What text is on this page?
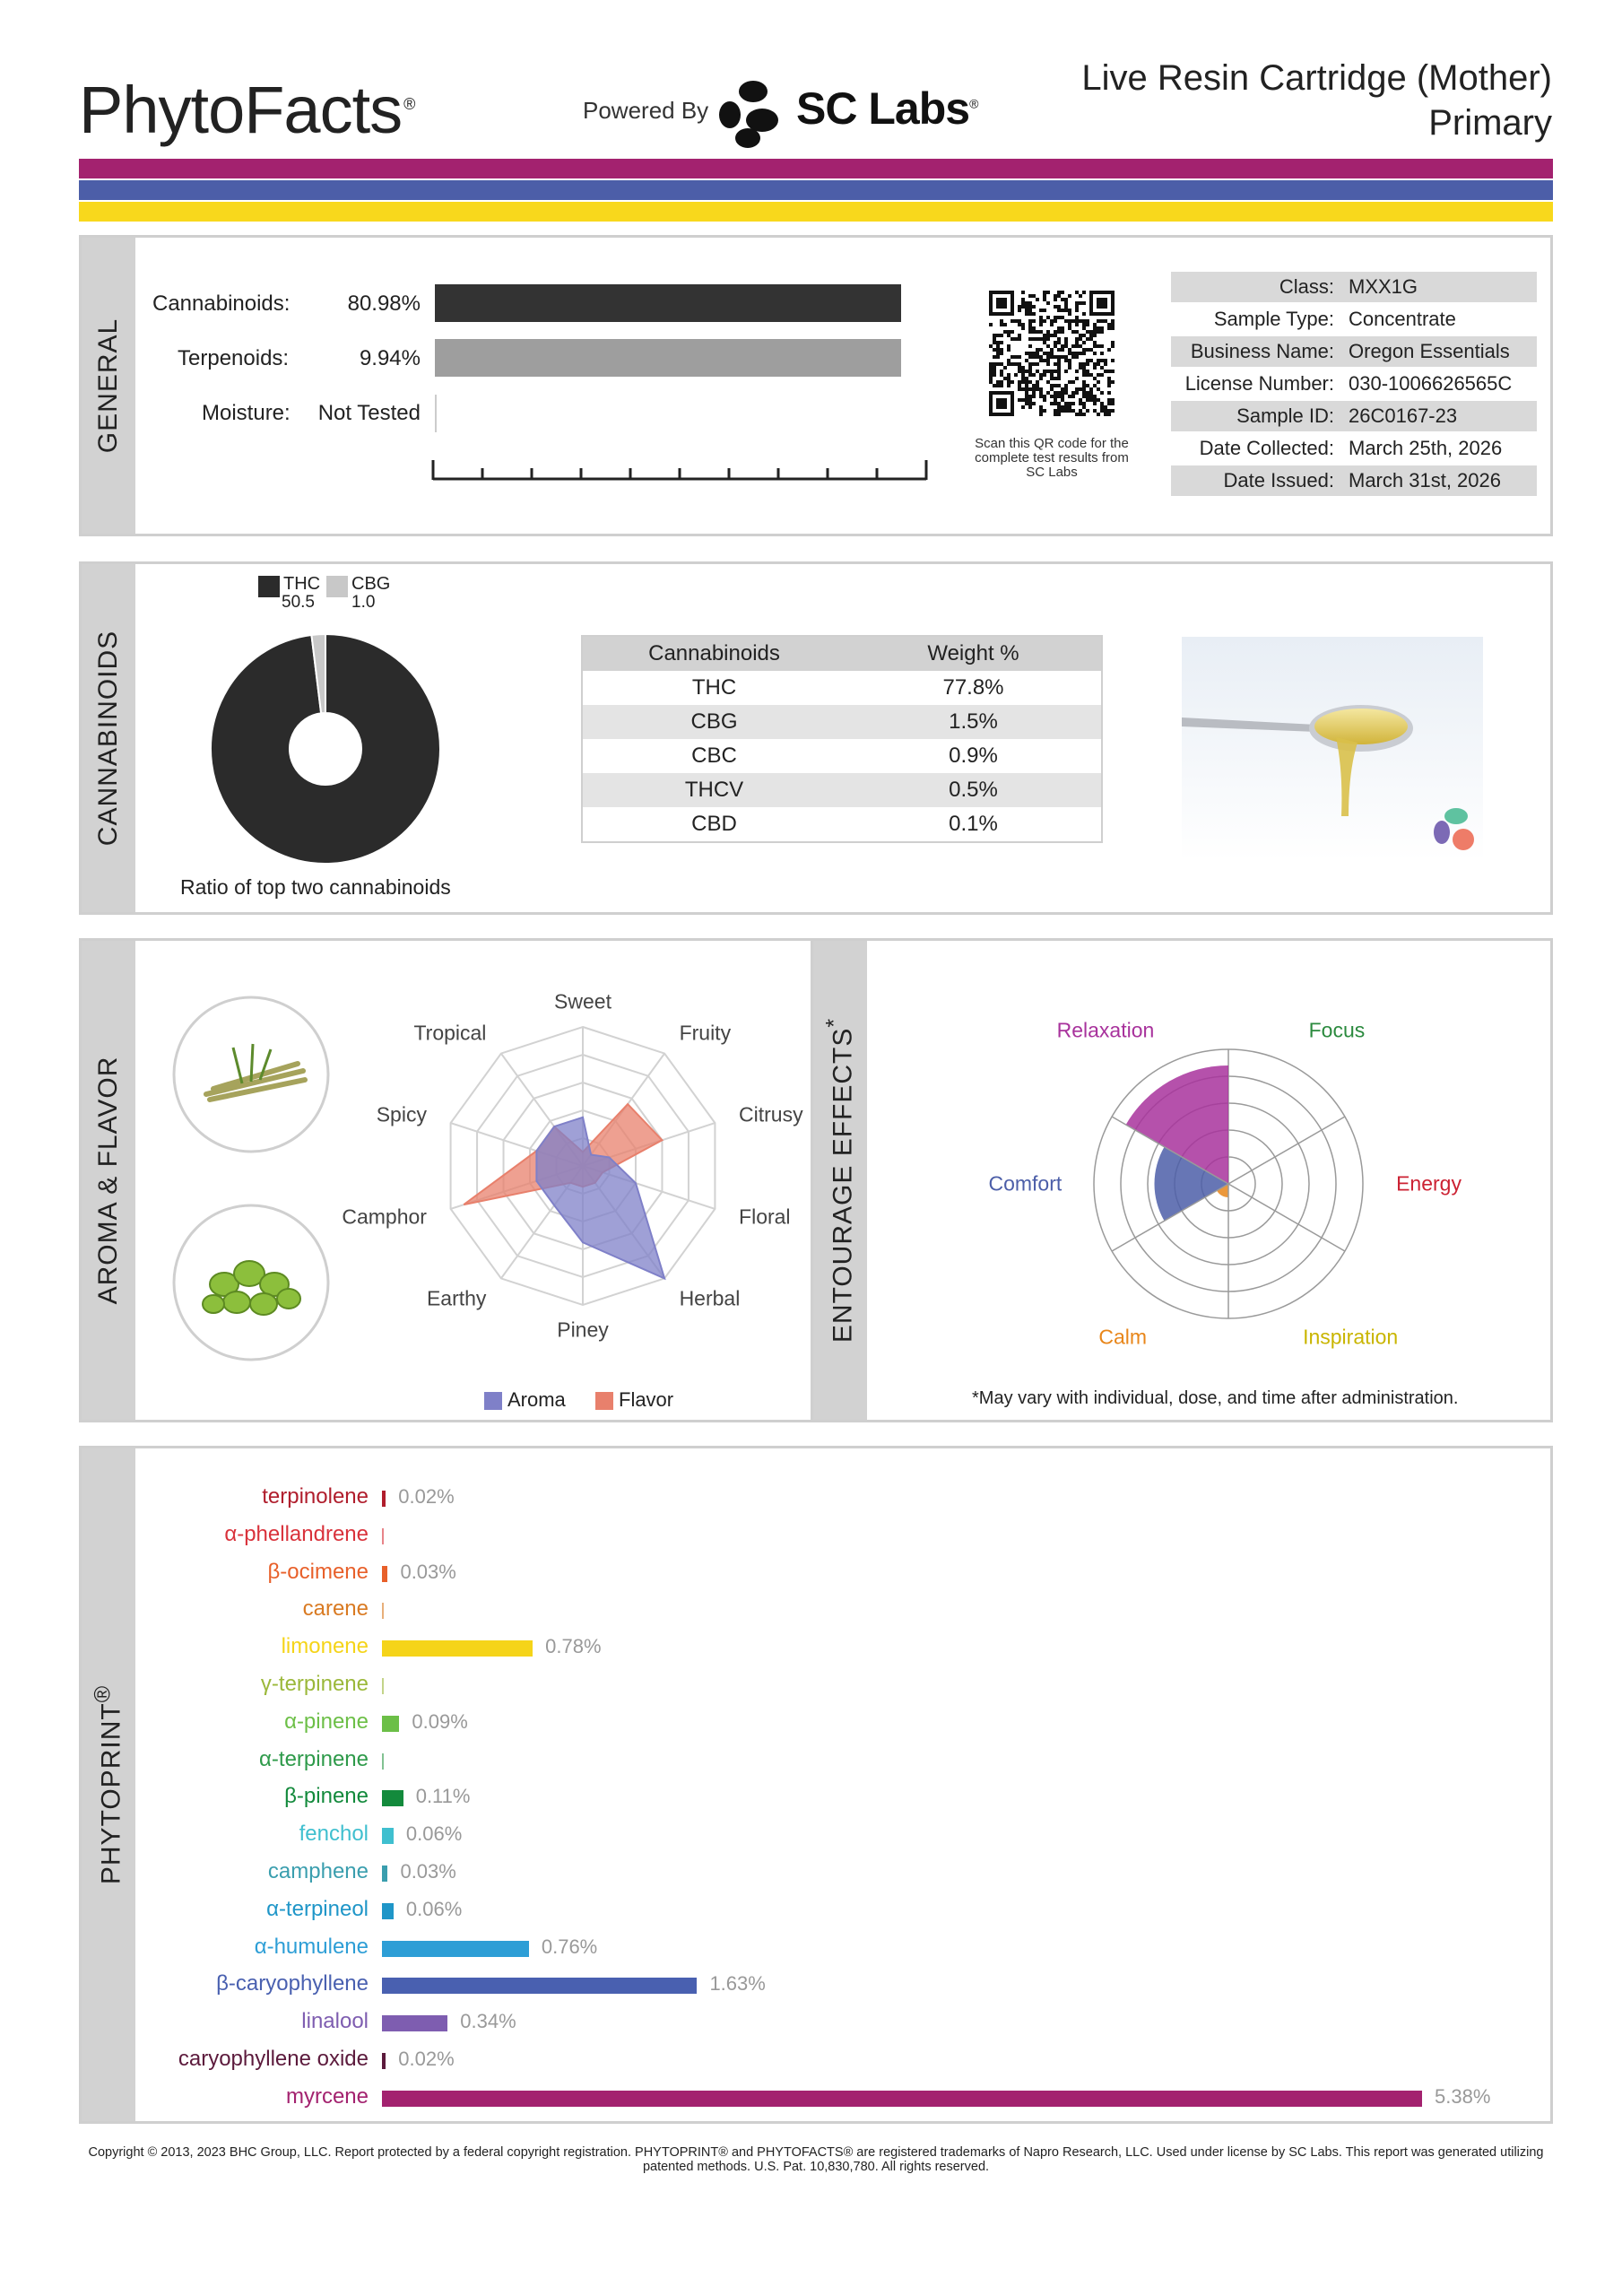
PhytoFacts ®	Powered By SC Labs®
Live Resin Cartridge (Mother)
Primary
GENERAL
Cannabinoids:	80.98%
Terpenoids:	9.94%
Moisture: Not Tested
Scan this QR code for the complete test results from SC Labs
Class: MXX1G
Sample Type: Concentrate
Business Name: Oregon Essentials
License Number: 030-1006626565C
Sample ID: 26C0167-23
Date Collected: March 25th, 2026
Date Issued: March 31st, 2026
CANNABINOIDS
THC
50.5
CBG
1.0
Ratio of top two cannabinoids
Cannabinoids	Weight %
THC	77.8%
CBG	1.5%
CBC	0.9%
THCV	0.5%
CBD	0.1%
AROMA & FLAVOR
Sweet
Fruity
Citrusy
Floral
Herbal
Piney
Earthy
Camphor
Spicy
Tropical
Aroma	Flavor
ENTOURAGE EFFECTS*	Focus
Energy
Inspiration
Calm
Comfort
Relaxation
*May vary with individual, dose, and time after administration.
PHYTOPRINT®
terpinolene 0.02%
α-phellandrene
β-ocimene 0.03%
carene
limonene	0.78%
γ-terpinene
α-pinene 0.09%
α-terpinene
β-pinene 0.11%
fenchol 0.06%
camphene 0.03%
α-terpineol 0.06%
α-humulene	0.76%
β-caryophyllene	1.63%
linalool	0.34%
caryophyllene oxide 0.02%
myrcene	5.38%
Copyright © 2013, 2023 BHC Group, LLC. Report protected by a federal copyright registration. PHYTOPRINT® and PHYTOFACTS® are registered trademarks of Napro Research, LLC. Used under license by SC Labs. This report was generated utilizing patented methods. U.S. Pat. 10,830,780. All rights reserved.
